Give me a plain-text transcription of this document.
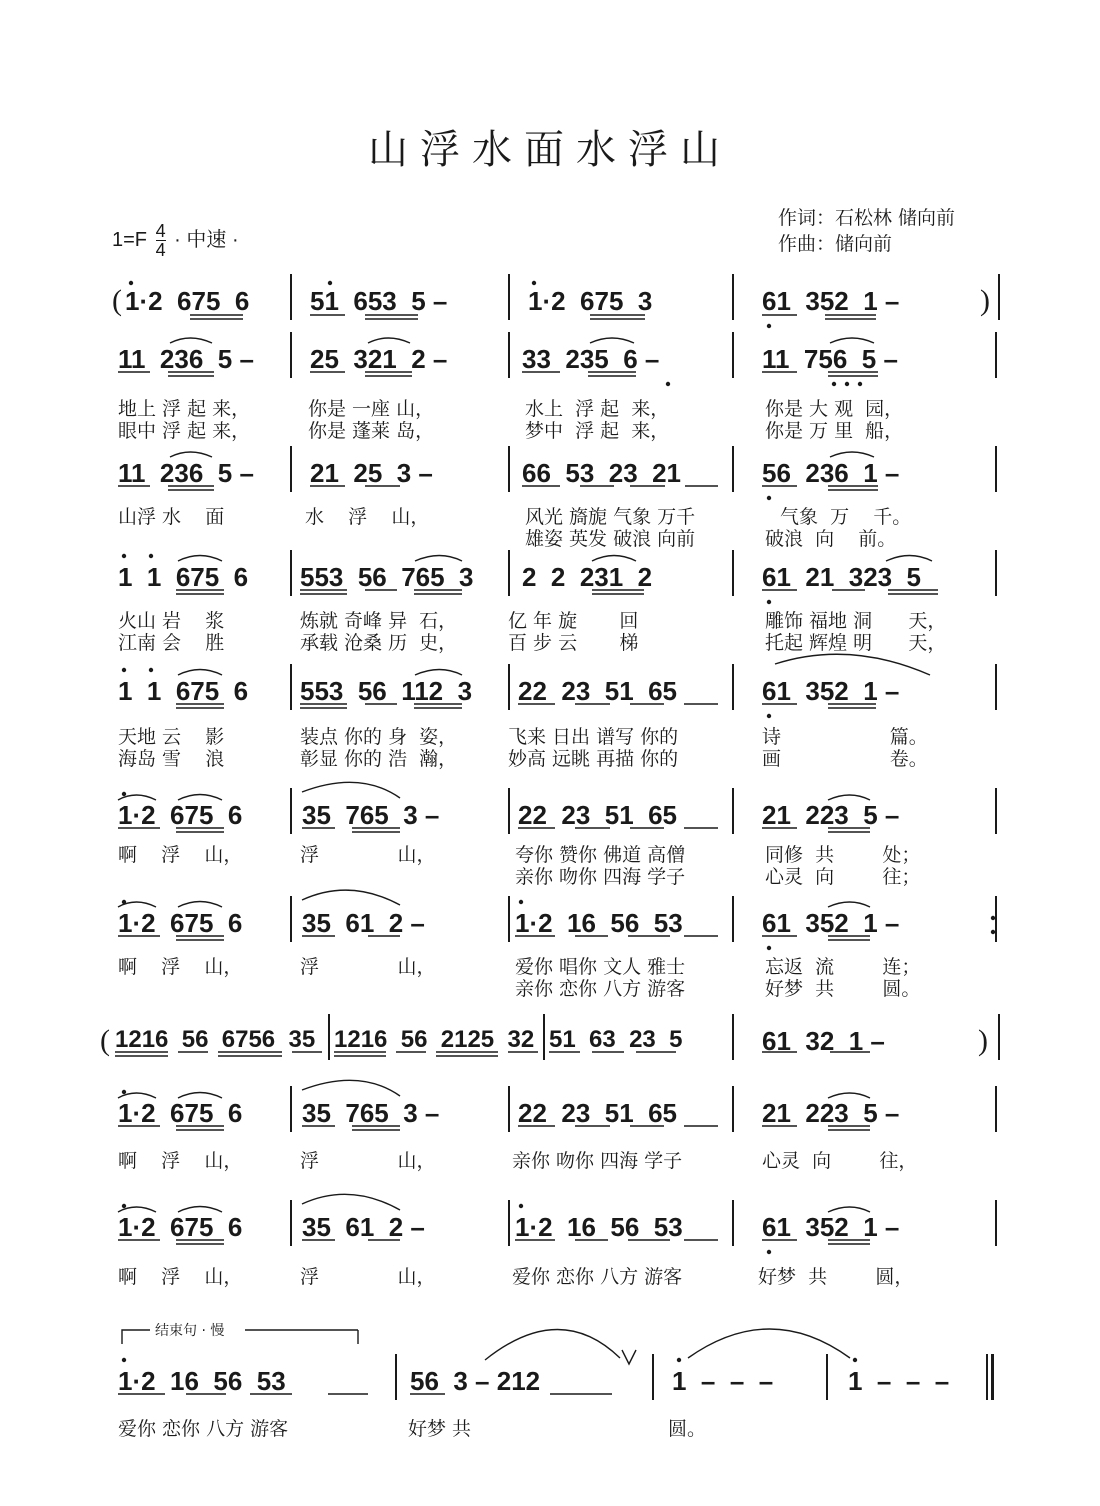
山浮水面水浮山
$1=F \frac{4}{4}$ · 中速 ·
作词：石松林 储向前
作曲：储向前
( 1·2  675  6 51  653  5 –	1·2  675  3	61  352  1 –	)
11  236  5 – 25  321  2 –	33  235  6 –	11  756  5 –
地上 浮 起 来，	你是 一座 山，	水上  浮 起  来，	你是 大 观  园，
眼中 浮 起 来，	你是 蓬莱 岛，	梦中  浮 起  来，	你是 万 里  船，
11  236  5 – 21  25  3 –	66  53  23  21	56  236  1 –
山浮 水    面	水    浮    山，	风光 旖旎 气象 万千	气象  万    千。
雄姿 英发 破浪 向前	破浪  向    前。
1  1  675  6 553  56  765  3 2  2  231  2	61  21  323  5
火山 岩    浆	炼就 奇峰 异  石，	亿 年 旋       回	雕饰 福地 洞      天，
江南 会    胜	承载 沧桑 历  史，	百 步 云       梯	托起 辉煌 明      天，
1  1  675  6 553  56  112  3 22  23  51  65	61  352  1 –
天地 云    影	装点 你的 身  姿，	飞来 日出 谱写 你的	诗                  篇。
海岛 雪    浪	彰显 你的 浩  瀚，	妙高 远眺 再描 你的	画                  卷。
1·2  675  6 35  765  3 –	22  23  51  65	21  223  5 –
啊    浮    山，	浮             山，	夸你 赞你 佛道 高僧	同修  共        处；
亲你 吻你 四海 学子	心灵  向        往；
1·2  675  6 35  61  2 –	1·2  16  56  53	61  352  1 –
啊    浮    山，	浮             山，	爱你 唱你 文人 雅士	忘返  流        连；
亲你 恋你 八方 游客	好梦  共        圆。
( 1216  56  6756  35 1216  56  2125  32 51  63  23  5	61  32  1 –	)
1·2  675  6 35  765  3 –	22  23  51  65	21  223  5 –
啊    浮    山，	浮             山，	亲你 吻你 四海 学子	心灵  向        往，
1·2  675  6 35  61  2 –	1·2  16  56  53	61  352  1 –
啊    浮    山，	浮             山，	爱你 恋你 八方 游客	好梦  共        圆，
结束句 · 慢
1·2  16  56  53	56  3 – 212	1  –  –  –	1  –  –  –
爱你 恋你 八方 游客	好梦 共	圆。
